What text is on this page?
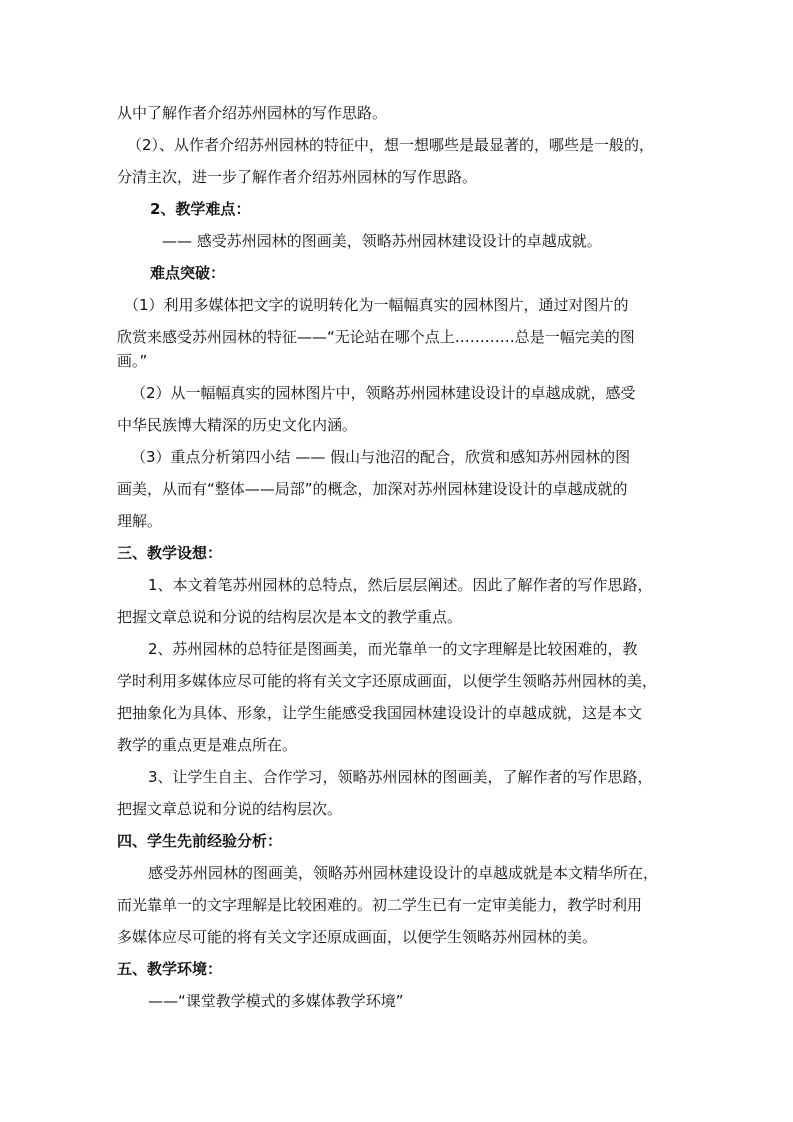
从中了解作者介绍苏州园林的写作思路。
（2）、从作者介绍苏州园林的特征中，想一想哪些是最显著的，哪些是一般的，
分清主次，进一步了解作者介绍苏州园林的写作思路。
2、教学难点：
—— 感受苏州园林的图画美，领略苏州园林建设设计的卓越成就。
难点突破：
（1）利用多媒体把文字的说明转化为一幅幅真实的园林图片，通过对图片的
欣赏来感受苏州园林的特征——“无论站在哪个点上…………总是一幅完美的图
画。”
（2）从一幅幅真实的园林图片中，领略苏州园林建设设计的卓越成就，感受
中华民族博大精深的历史文化内涵。
（3）重点分析第四小结 —— 假山与池沼的配合，欣赏和感知苏州园林的图
画美，从而有“整体——局部”的概念，加深对苏州园林建设设计的卓越成就的
理解。
三、教学设想：
1、本文着笔苏州园林的总特点，然后层层阐述。因此了解作者的写作思路，
把握文章总说和分说的结构层次是本文的教学重点。
2、苏州园林的总特征是图画美，而光靠单一的文字理解是比较困难的，教
学时利用多媒体应尽可能的将有关文字还原成画面，以便学生领略苏州园林的美，
把抽象化为具体、形象，让学生能感受我国园林建设设计的卓越成就，这是本文
教学的重点更是难点所在。
3、让学生自主、合作学习，领略苏州园林的图画美，了解作者的写作思路，
把握文章总说和分说的结构层次。
四、学生先前经验分析：
感受苏州园林的图画美，领略苏州园林建设设计的卓越成就是本文精华所在，
而光靠单一的文字理解是比较困难的。初二学生已有一定审美能力，教学时利用
多媒体应尽可能的将有关文字还原成画面，以便学生领略苏州园林的美。
五、教学环境：
——“课堂教学模式的多媒体教学环境”
